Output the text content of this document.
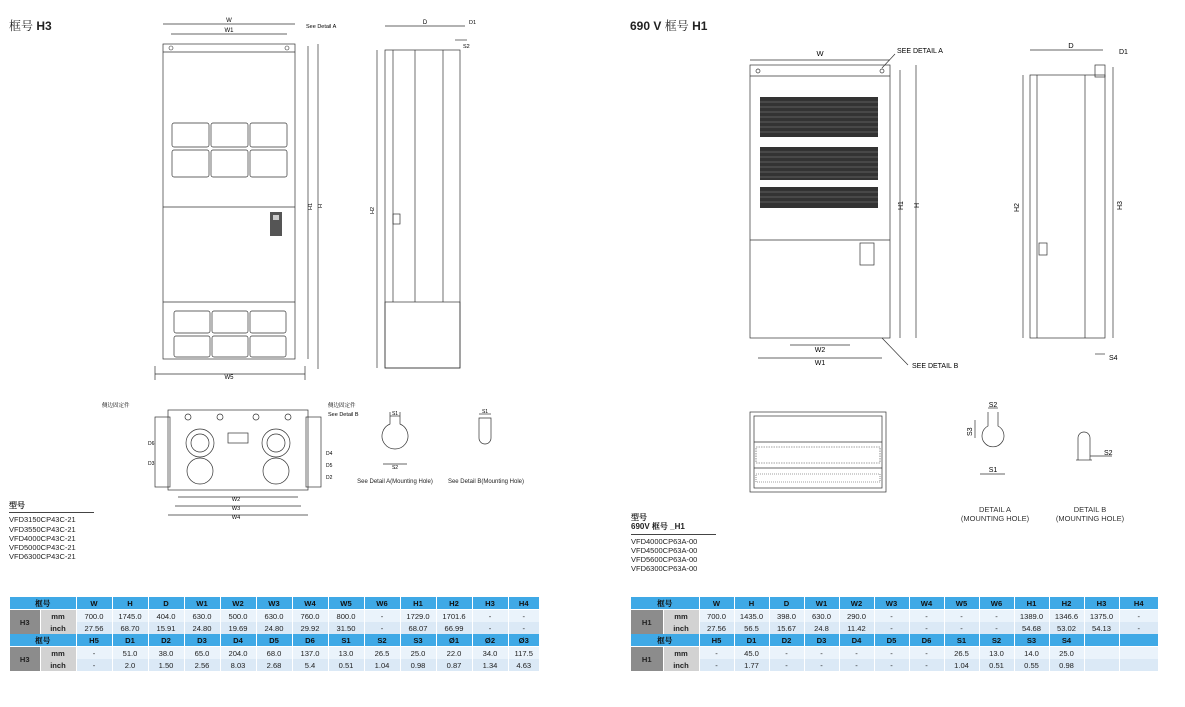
框号 H3	W
W1
W5
See Detail A
H1 H
D	D1
S2
H2
侧边固定件	侧边固定件
See Detail B
W2
W3
W4
D6
D3
D4
D5
D2
S1
S2
See Detail A(Mounting Hole)
S1
See Detail B(Mounting Hole)
型号
VFD3150CP43C-21
VFD3550CP43C-21
VFD4000CP43C-21
VFD5000CP43C-21
VFD6300CP43C-21
框号		W	H	D	W1	W2	W3	W4	W5	W6	H1	H2	H3	H4
H3	mm	700.0	1745.0	404.0	630.0	500.0	630.0	760.0	800.0	-	1729.0	1701.6	-	-
	inch	27.56	68.70	15.91	24.80	19.69	24.80	29.92	31.50	-	68.07	66.99	-	-
框号		H5	D1	D2	D3	D4	D5	D6	S1	S2	S3	Ø1	Ø2	Ø3
H3	mm	-	51.0	38.0	65.0	204.0	68.0	137.0	13.0	26.5	25.0	22.0	34.0	117.5
	inch	-	2.0	1.50	2.56	8.03	2.68	5.4	0.51	1.04	0.98	0.87	1.34	4.63
690 V 框号 H1
W	SEE DETAIL A
W2
W1	SEE DETAIL B
H1 H
D
D1
S4
H2	H3
S2
S1
S3
DETAIL A
(MOUNTING HOLE)
S2
DETAIL B
(MOUNTING HOLE)
型号
690V 框号 _H1
VFD4000CP63A-00
VFD4500CP63A-00
VFD5600CP63A-00
VFD6300CP63A-00
框号		W	H	D	W1	W2	W3	W4	W5	W6	H1	H2	H3	H4
H1	mm	700.0	1435.0	398.0	630.0	290.0	-	-	-	-	1389.0	1346.6	1375.0	-
	inch	27.56	56.5	15.67	24.8	11.42	-	-	-	-	54.68	53.02	54.13	-
框号		H5	D1	D2	D3	D4	D5	D6	S1	S2	S3	S4		
H1	mm	-	45.0	-	-	-	-	-	26.5	13.0	14.0	25.0		
	inch	-	1.77	-	-	-	-	-	1.04	0.51	0.55	0.98		
